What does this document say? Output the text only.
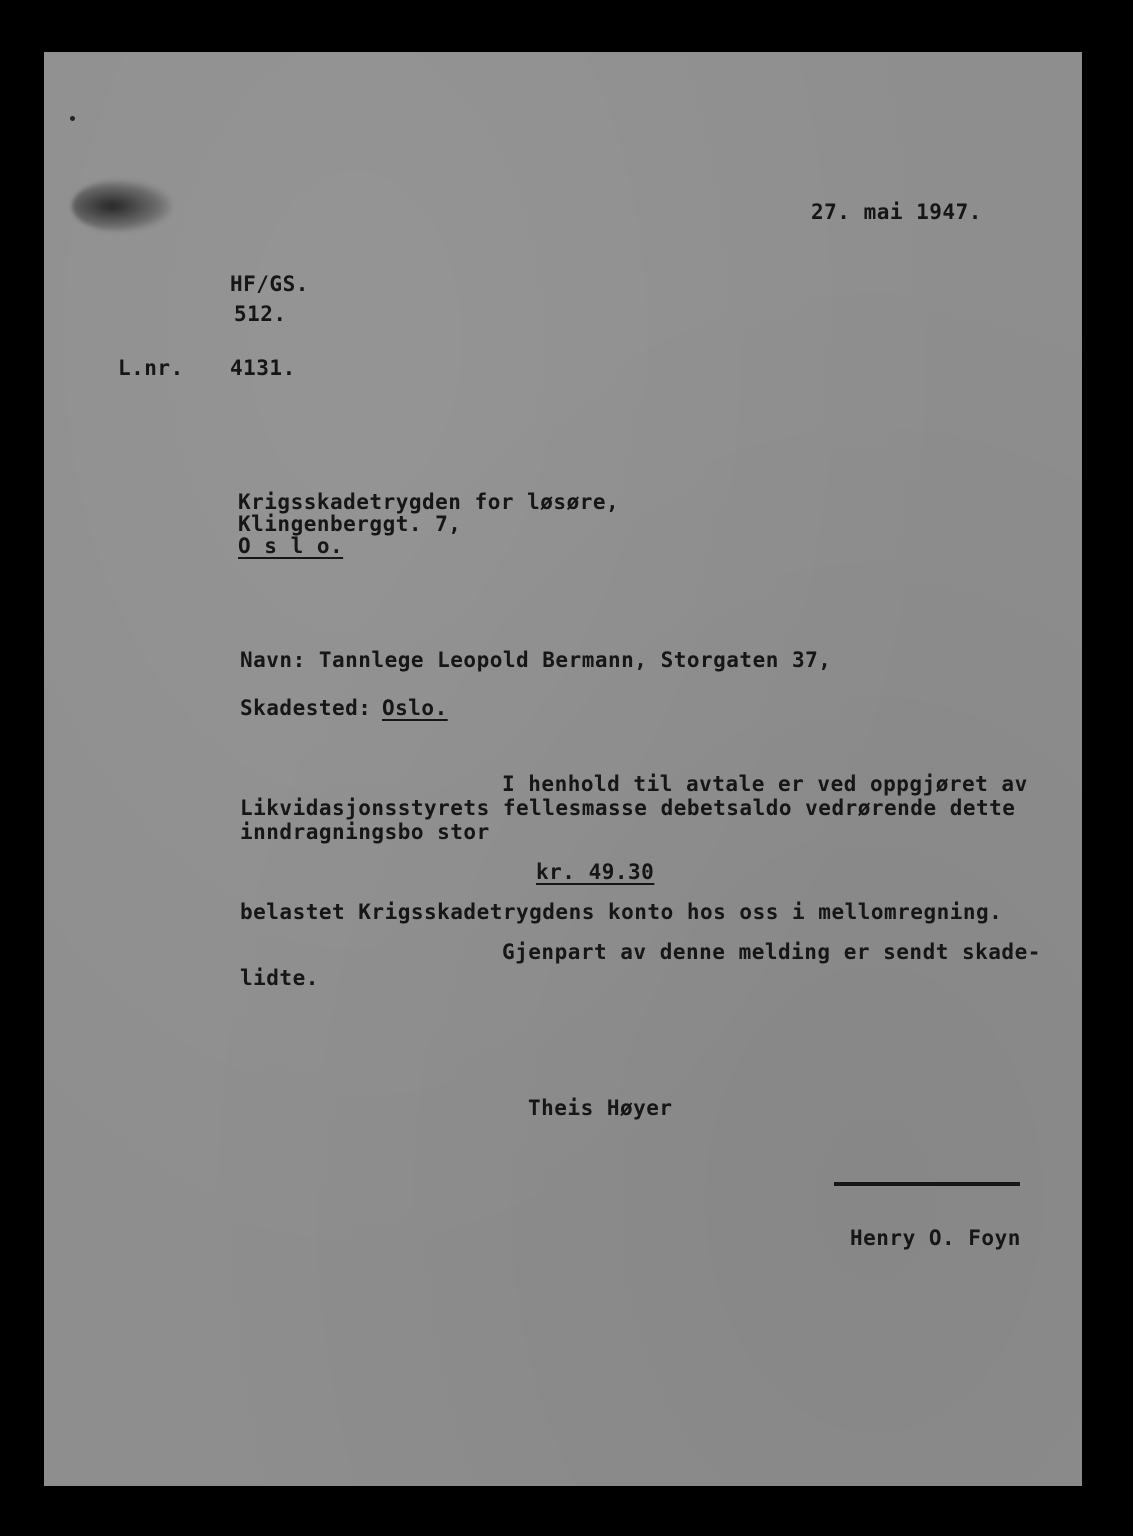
27. mai 1947.

HF/GS.

512.

L.nr. 4131.

Krigsskadetrygden for løsøre,

Klingenberggt. 7,

O s l o.

Navn: Tannlege Leopold Bermann, Storgaten 37,

Skadested: Oslo.

I henhold til avtale er ved oppgjøret av

Likvidasjonsstyrets fellesmasse debetsaldo vedrørende dette

inndragningsbo stor

kr. 49.30

belastet Krigsskadetrygdens konto hos oss i mellomregning.

Gjenpart av denne melding er sendt skade-

lidte.

Theis Høyer

Henry O. Foyn
